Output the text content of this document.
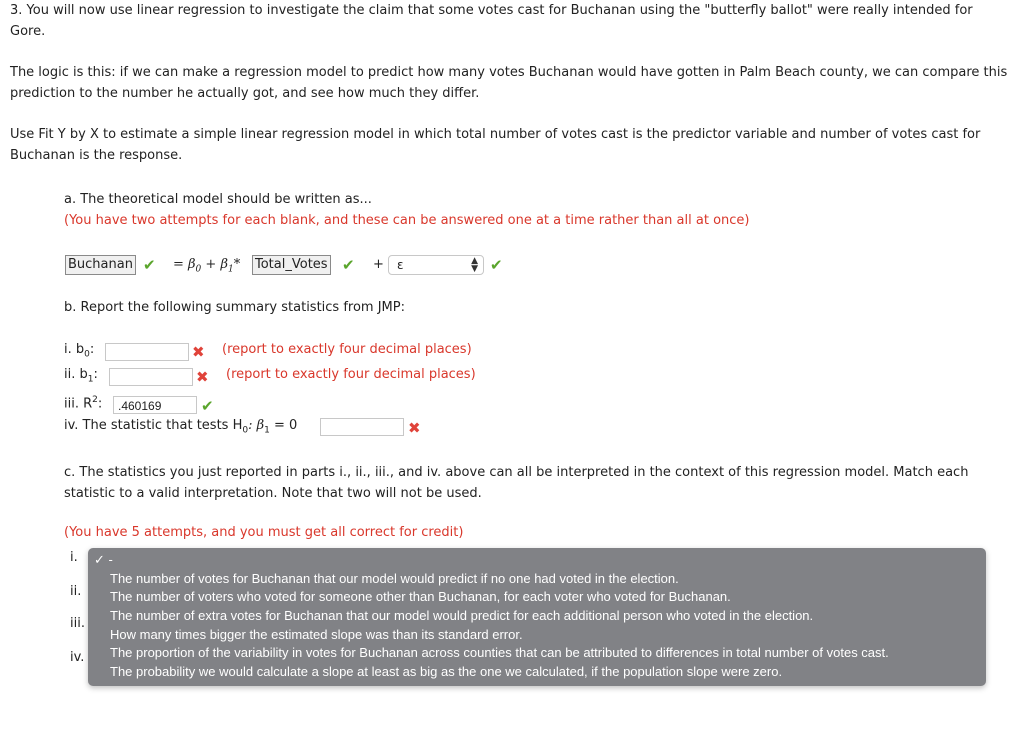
3. You will now use linear regression to investigate the claim that some votes cast for Buchanan using the "butterfly ballot" were really intended for Gore.

The logic is this: if we can make a regression model to predict how many votes Buchanan would have gotten in Palm Beach county, we can compare this prediction to the number he actually got, and see how much they differ.

Use Fit Y by X to estimate a simple linear regression model in which total number of votes cast is the predictor variable and number of votes cast for Buchanan is the response.

a. The theoretical model should be written as...
(You have two attempts for each blank, and these can be answered one at a time rather than all at once)
Buchanan ✔ = $\beta_0 + \beta_1*$ Total_Votes ✔ +	ε	▲
▼ ✔
b. Report the following summary statistics from JMP:
i. $b_0$:	✖ (report to exactly four decimal places)
ii. $b_1$:	✖ (report to exactly four decimal places)
iii. $R^2$:	.460169	✔
iv. The statistic that tests $H_0$: $\beta_1 = 0$	✖

c. The statistics you just reported in parts i., ii., iii., and iv. above can all be interpreted in the context of this regression model. Match each statistic to a valid interpretation. Note that two will not be used.

(You have 5 attempts, and you must get all correct for credit)
i.
ii.
iii.
iv.
✓ -
The number of votes for Buchanan that our model would predict if no one had voted in the election.
The number of voters who voted for someone other than Buchanan, for each voter who voted for Buchanan.
The number of extra votes for Buchanan that our model would predict for each additional person who voted in the election.
How many times bigger the estimated slope was than its standard error.
The proportion of the variability in votes for Buchanan across counties that can be attributed to differences in total number of votes cast.
The probability we would calculate a slope at least as big as the one we calculated, if the population slope were zero.
